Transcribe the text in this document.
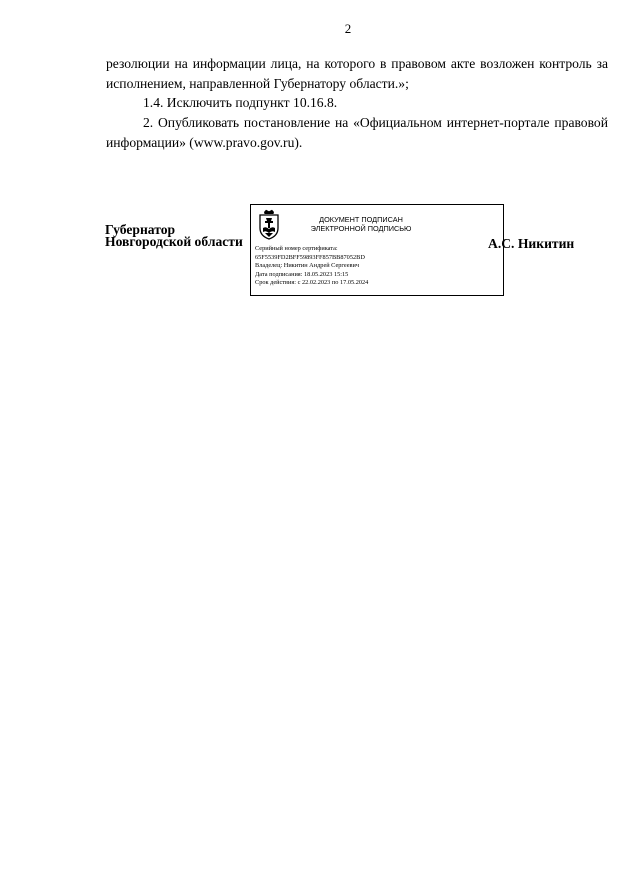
2
резолюции на информации лица, на которого в правовом акте возложен контроль за исполнением, направленной Губернатору области.»;
1.4. Исключить подпункт 10.16.8.
2. Опубликовать постановление на «Официальном интернет-портале правовой информации» (www.pravo.gov.ru).
Губернатор
Новгородской области
ДОКУМЕНТ ПОДПИСАН
ЭЛЕКТРОННОЙ ПОДПИСЬЮ
Серийный номер сертификата:
65F5539FD2BFF59893FF857BB87052BD
Владелец: Никитин Андрей Сергеевич
Дата подписания: 18.05.2023 15:15
Срок действия: с 22.02.2023 по 17.05.2024
А.С. Никитин
